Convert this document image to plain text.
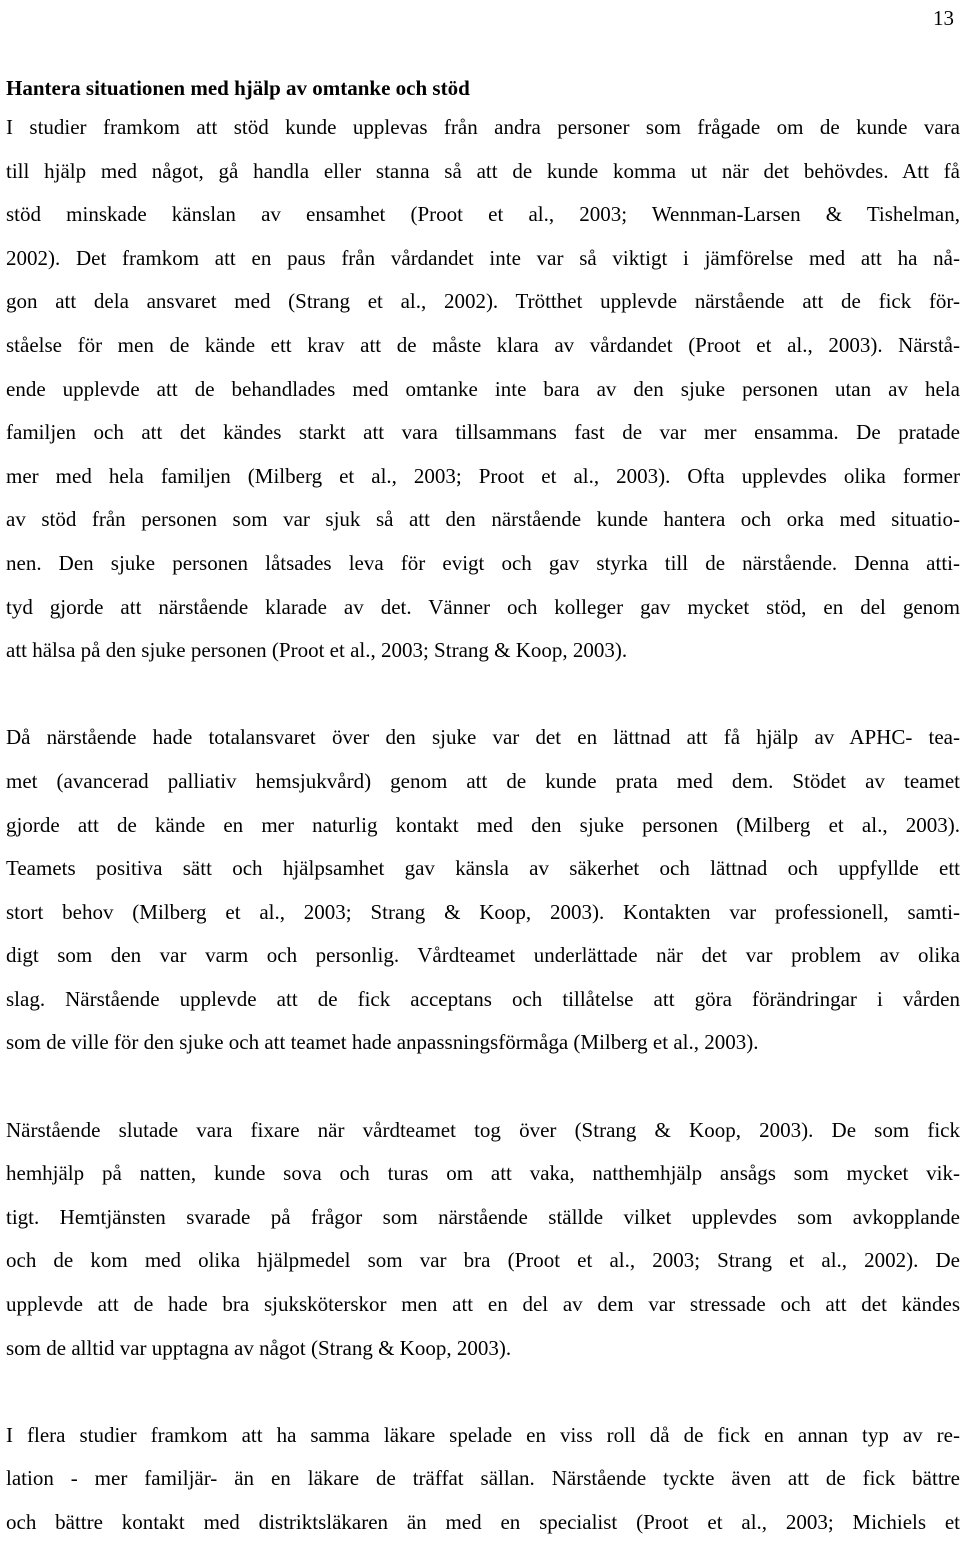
13
Hantera situationen med hjälp av omtanke och stöd

I studier framkom att stöd kunde upplevas från andra personer som frågade om de kunde vara
till hjälp med något, gå handla eller stanna så att de kunde komma ut när det behövdes. Att få
stöd minskade känslan av ensamhet (Proot et al., 2003; Wennman-Larsen & Tishelman,
2002). Det framkom att en paus från vårdandet inte var så viktigt i jämförelse med att ha nå-
gon att dela ansvaret med (Strang et al., 2002). Trötthet upplevde närstående att de fick för-
ståelse för men de kände ett krav att de måste klara av vårdandet (Proot et al., 2003). Närstå-
ende upplevde att de behandlades med omtanke inte bara av den sjuke personen utan av hela
familjen och att det kändes starkt att vara tillsammans fast de var mer ensamma. De pratade
mer med hela familjen (Milberg et al., 2003; Proot et al., 2003). Ofta upplevdes olika former
av stöd från personen som var sjuk så att den närstående kunde hantera och orka med situatio-
nen. Den sjuke personen låtsades leva för evigt och gav styrka till de närstående. Denna atti-
tyd gjorde att närstående klarade av det. Vänner och kolleger gav mycket stöd, en del genom
att hälsa på den sjuke personen (Proot et al., 2003; Strang & Koop, 2003).

Då närstående hade totalansvaret över den sjuke var det en lättnad att få hjälp av APHC- tea-
met (avancerad palliativ hemsjukvård) genom att de kunde prata med dem. Stödet av teamet
gjorde att de kände en mer naturlig kontakt med den sjuke personen (Milberg et al., 2003).
Teamets positiva sätt och hjälpsamhet gav känsla av säkerhet och lättnad och uppfyllde ett
stort behov (Milberg et al., 2003; Strang & Koop, 2003). Kontakten var professionell, samti-
digt som den var varm och personlig. Vårdteamet underlättade när det var problem av olika
slag. Närstående upplevde att de fick acceptans och tillåtelse att göra förändringar i vården
som de ville för den sjuke och att teamet hade anpassningsförmåga (Milberg et al., 2003).

Närstående slutade vara fixare när vårdteamet tog över (Strang & Koop, 2003). De som fick
hemhjälp på natten, kunde sova och turas om att vaka, natthemhjälp ansågs som mycket vik-
tigt. Hemtjänsten svarade på frågor som närstående ställde vilket upplevdes som avkopplande
och de kom med olika hjälpmedel som var bra (Proot et al., 2003; Strang et al., 2002). De
upplevde att de hade bra sjuksköterskor men att en del av dem var stressade och att det kändes
som de alltid var upptagna av något (Strang & Koop, 2003).

I flera studier framkom att ha samma läkare spelade en viss roll då de fick en annan typ av re-
lation - mer familjär- än en läkare de träffat sällan. Närstående tyckte även att de fick bättre
och bättre kontakt med distriktsläkaren än med en specialist (Proot et al., 2003; Michiels et
